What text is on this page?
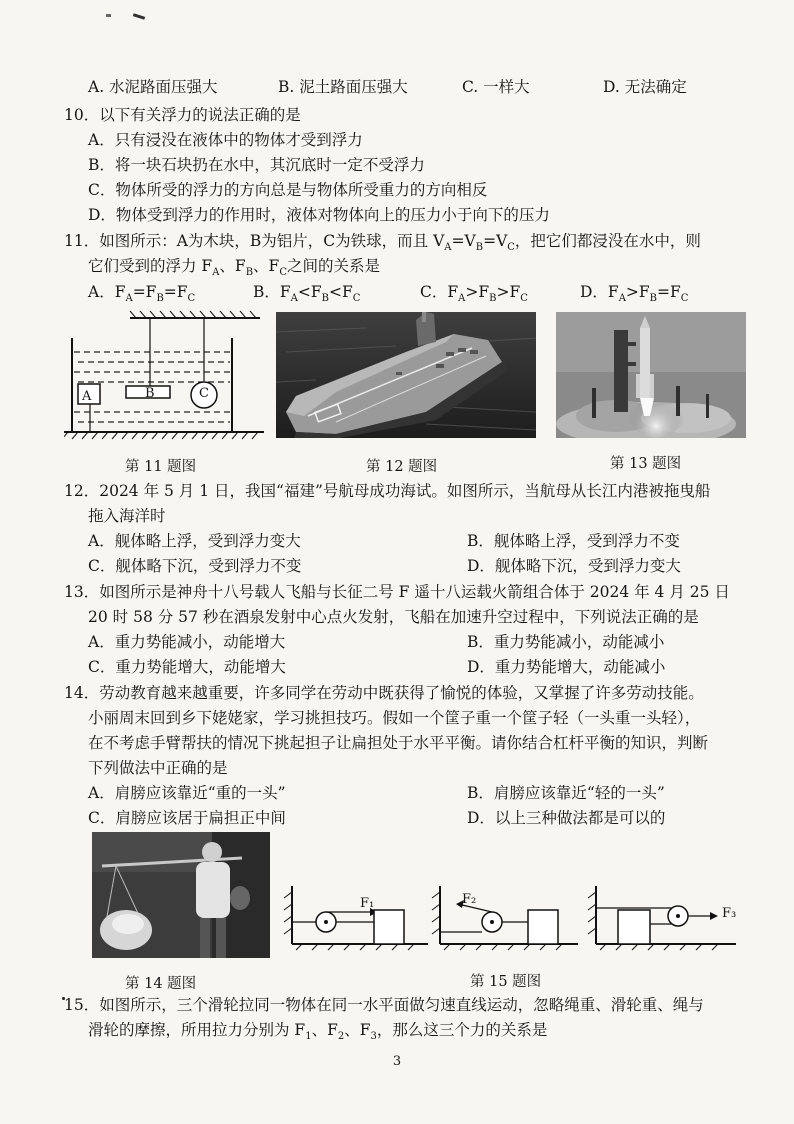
A. 水泥路面压强大	B. 泥土路面压强大	C. 一样大	D. 无法确定
10．以下有关浮力的说法正确的是
A．只有浸没在液体中的物体才受到浮力
B．将一块石块扔在水中，其沉底时一定不受浮力
C．物体所受的浮力的方向总是与物体所受重力的方向相反
D．物体受到浮力的作用时，液体对物体向上的压力小于向下的压力
11．如图所示：A为木块，B为铝片，C为铁球，而且 $V_A=V_B=V_C$，把它们都浸没在水中，则
它们受到的浮力 $F_A$、$F_B$、$F_C$之间的关系是
A．$F_A=F_B=F_C$	B．$F_A<F_B<F_C$	C．$F_A>F_B>F_C$	D．$F_A>F_B=F_C$
A	B	C
第 11 题图	第 12 题图	第 13 题图
12．2024 年 5 月 1 日，我国“福建”号航母成功海试。如图所示，当航母从长江内港被拖曳船
拖入海洋时
A．舰体略上浮，受到浮力变大	B．舰体略上浮，受到浮力不变
C．舰体略下沉，受到浮力不变	D．舰体略下沉，受到浮力变大
13．如图所示是神舟十八号载人飞船与长征二号 F 遥十八运载火箭组合体于 2024 年 4 月 25 日
20 时 58 分 57 秒在酒泉发射中心点火发射，飞船在加速升空过程中，下列说法正确的是
A．重力势能减小，动能增大	B．重力势能减小，动能减小
C．重力势能增大，动能增大	D．重力势能增大，动能减小
14．劳动教育越来越重要，许多同学在劳动中既获得了愉悦的体验，又掌握了许多劳动技能。
小丽周末回到乡下姥姥家，学习挑担技巧。假如一个筐子重一个筐子轻（一头重一头轻），
在不考虑手臂帮扶的情况下挑起担子让扁担处于水平平衡。请你结合杠杆平衡的知识，判断
下列做法中正确的是
A．肩膀应该靠近“重的一头”	B．肩膀应该靠近“轻的一头”
C．肩膀应该居于扁担正中间	D．以上三种做法都是可以的
F₁	F₂
F₃
第 14 题图	第 15 题图
15．如图所示，三个滑轮拉同一物体在同一水平面做匀速直线运动，忽略绳重、滑轮重、绳与
滑轮的摩擦，所用拉力分别为 $F_1$、$F_2$、$F_3$，那么这三个力的关系是
3
